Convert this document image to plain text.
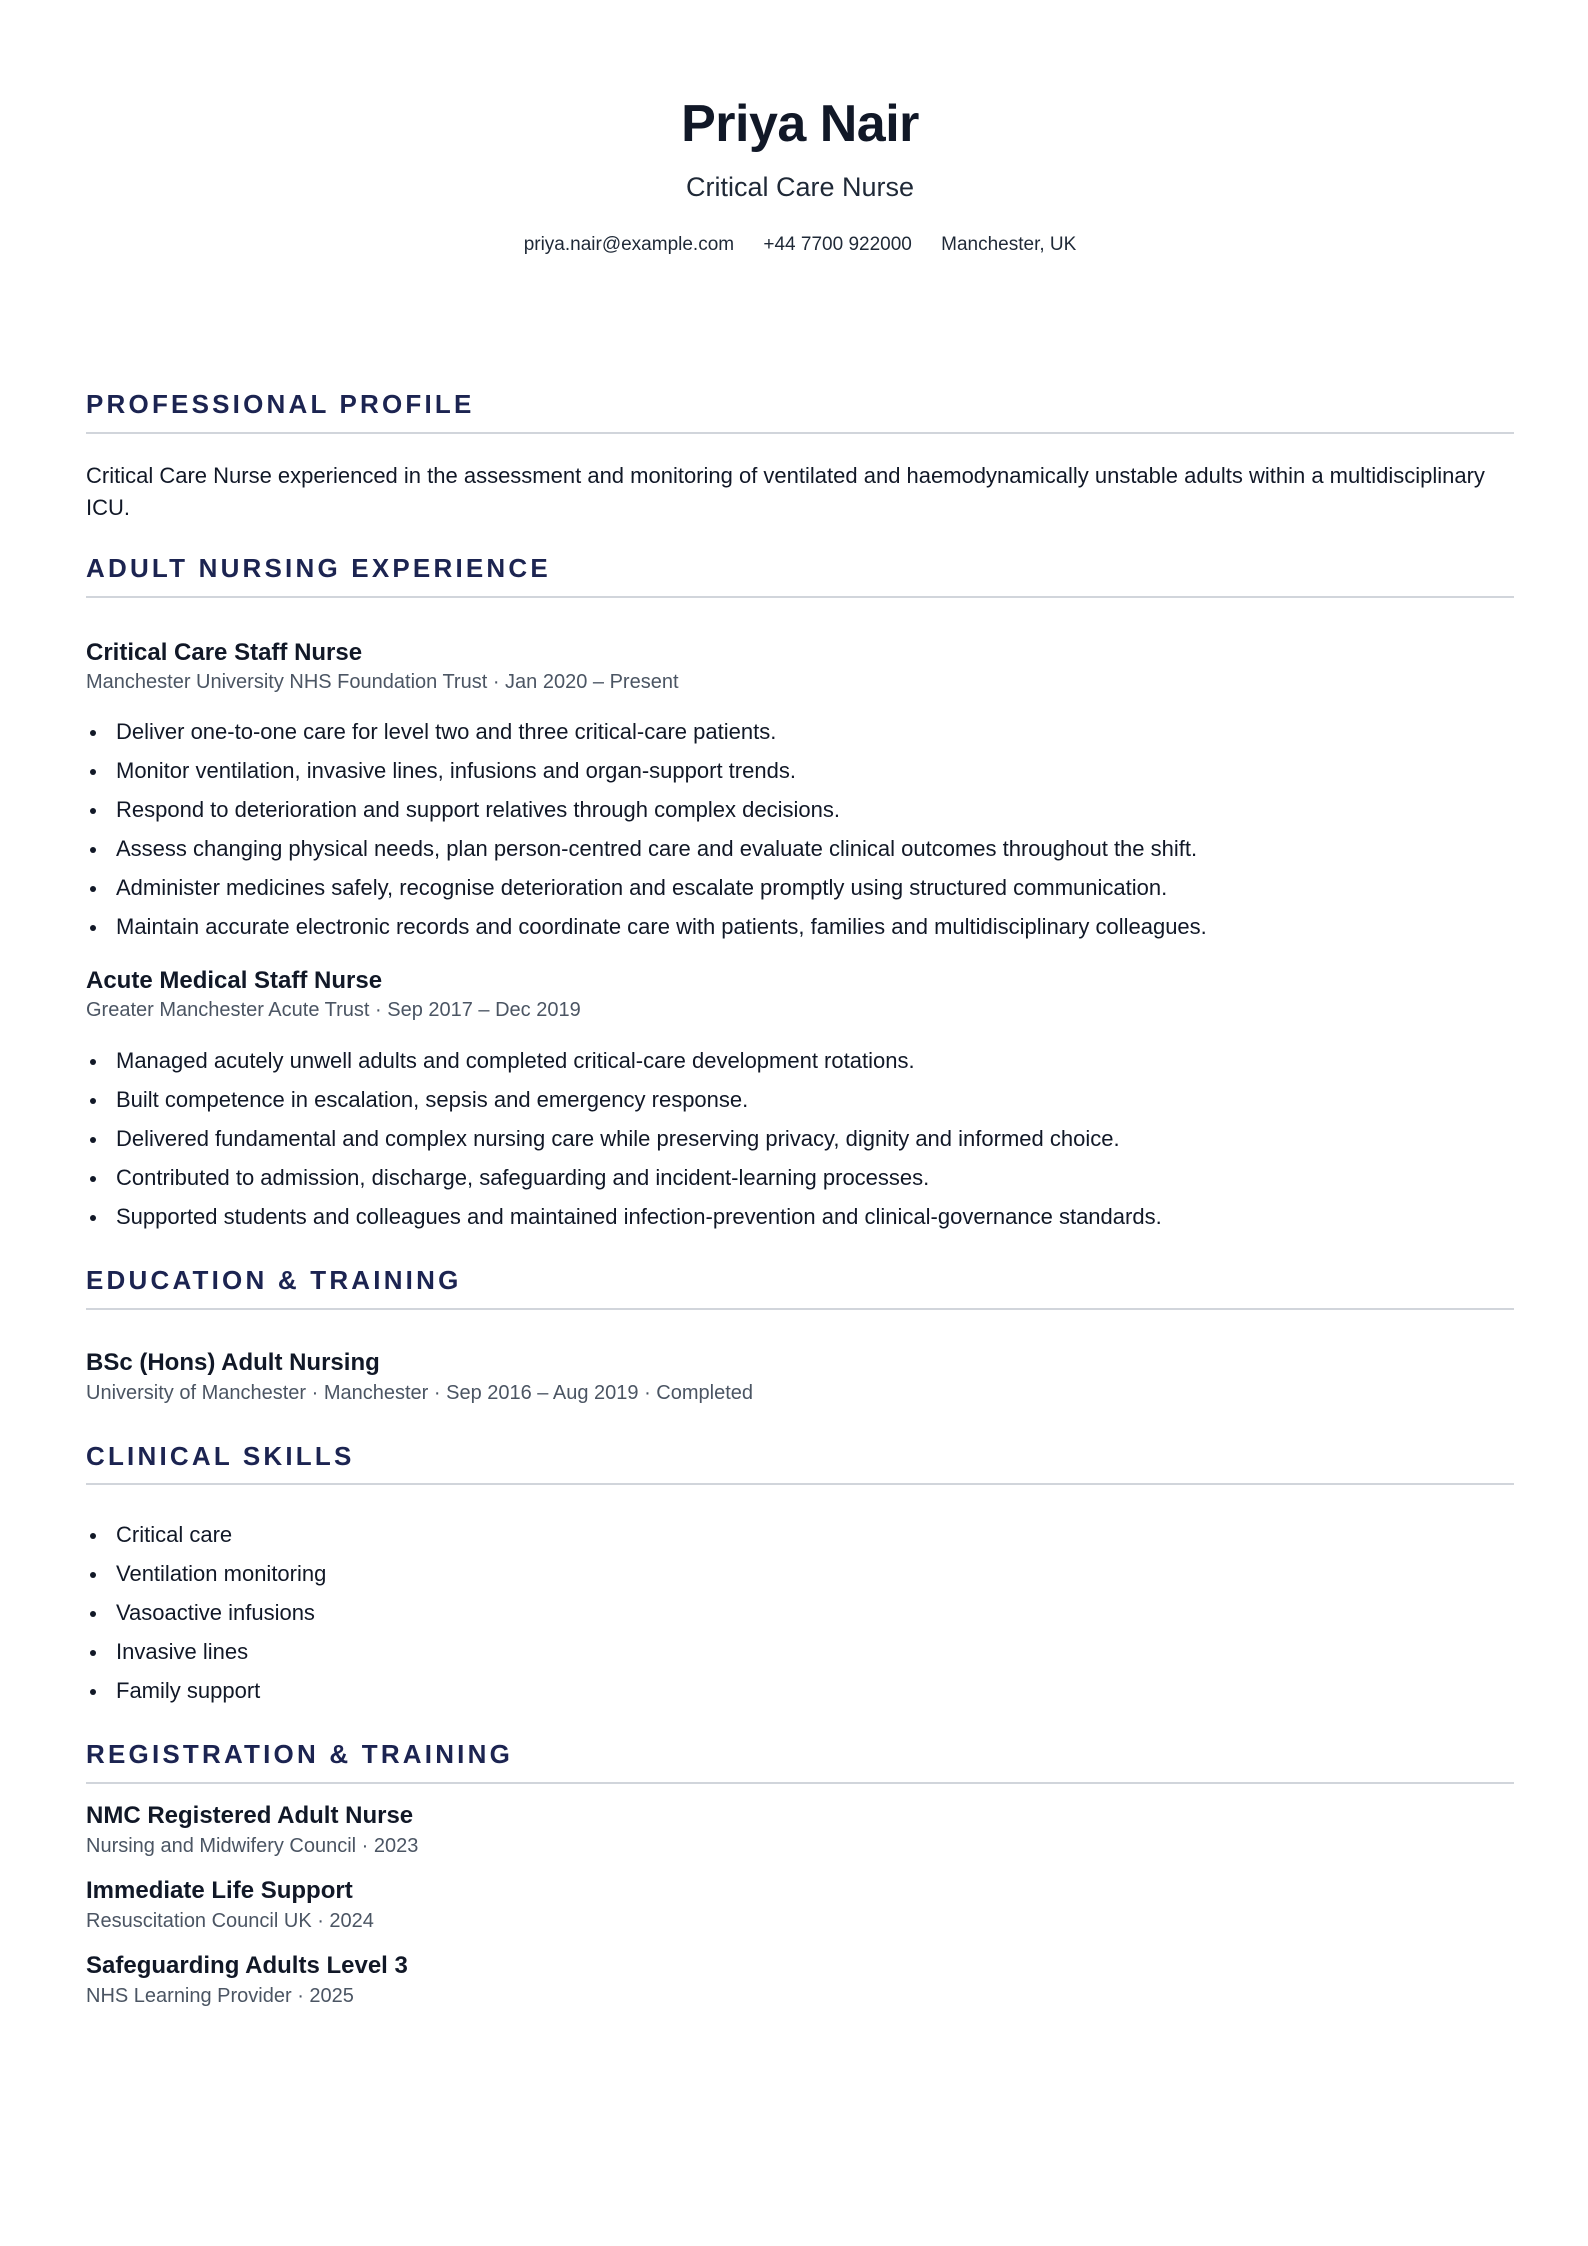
Priya Nair
Critical Care Nurse
priya.nair@example.com +44 7700 922000 Manchester, UK
PROFESSIONAL PROFILE

Critical Care Nurse experienced in the assessment and monitoring of ventilated and haemodynamically unstable adults within a multidisciplinary ICU.

ADULT NURSING EXPERIENCE
Critical Care Staff Nurse
Manchester University NHS Foundation Trust · Jan 2020 – Present
Deliver one-to-one care for level two and three critical-care patients.
Monitor ventilation, invasive lines, infusions and organ-support trends.
Respond to deterioration and support relatives through complex decisions.
Assess changing physical needs, plan person-centred care and evaluate clinical outcomes throughout the shift.
Administer medicines safely, recognise deterioration and escalate promptly using structured communication.
Maintain accurate electronic records and coordinate care with patients, families and multidisciplinary colleagues.
Acute Medical Staff Nurse
Greater Manchester Acute Trust · Sep 2017 – Dec 2019
Managed acutely unwell adults and completed critical-care development rotations.
Built competence in escalation, sepsis and emergency response.
Delivered fundamental and complex nursing care while preserving privacy, dignity and informed choice.
Contributed to admission, discharge, safeguarding and incident-learning processes.
Supported students and colleagues and maintained infection-prevention and clinical-governance standards.
EDUCATION & TRAINING
BSc (Hons) Adult Nursing
University of Manchester · Manchester · Sep 2016 – Aug 2019 · Completed
CLINICAL SKILLS
Critical care
Ventilation monitoring
Vasoactive infusions
Invasive lines
Family support
REGISTRATION & TRAINING
NMC Registered Adult Nurse
Nursing and Midwifery Council · 2023
Immediate Life Support
Resuscitation Council UK · 2024
Safeguarding Adults Level 3
NHS Learning Provider · 2025
